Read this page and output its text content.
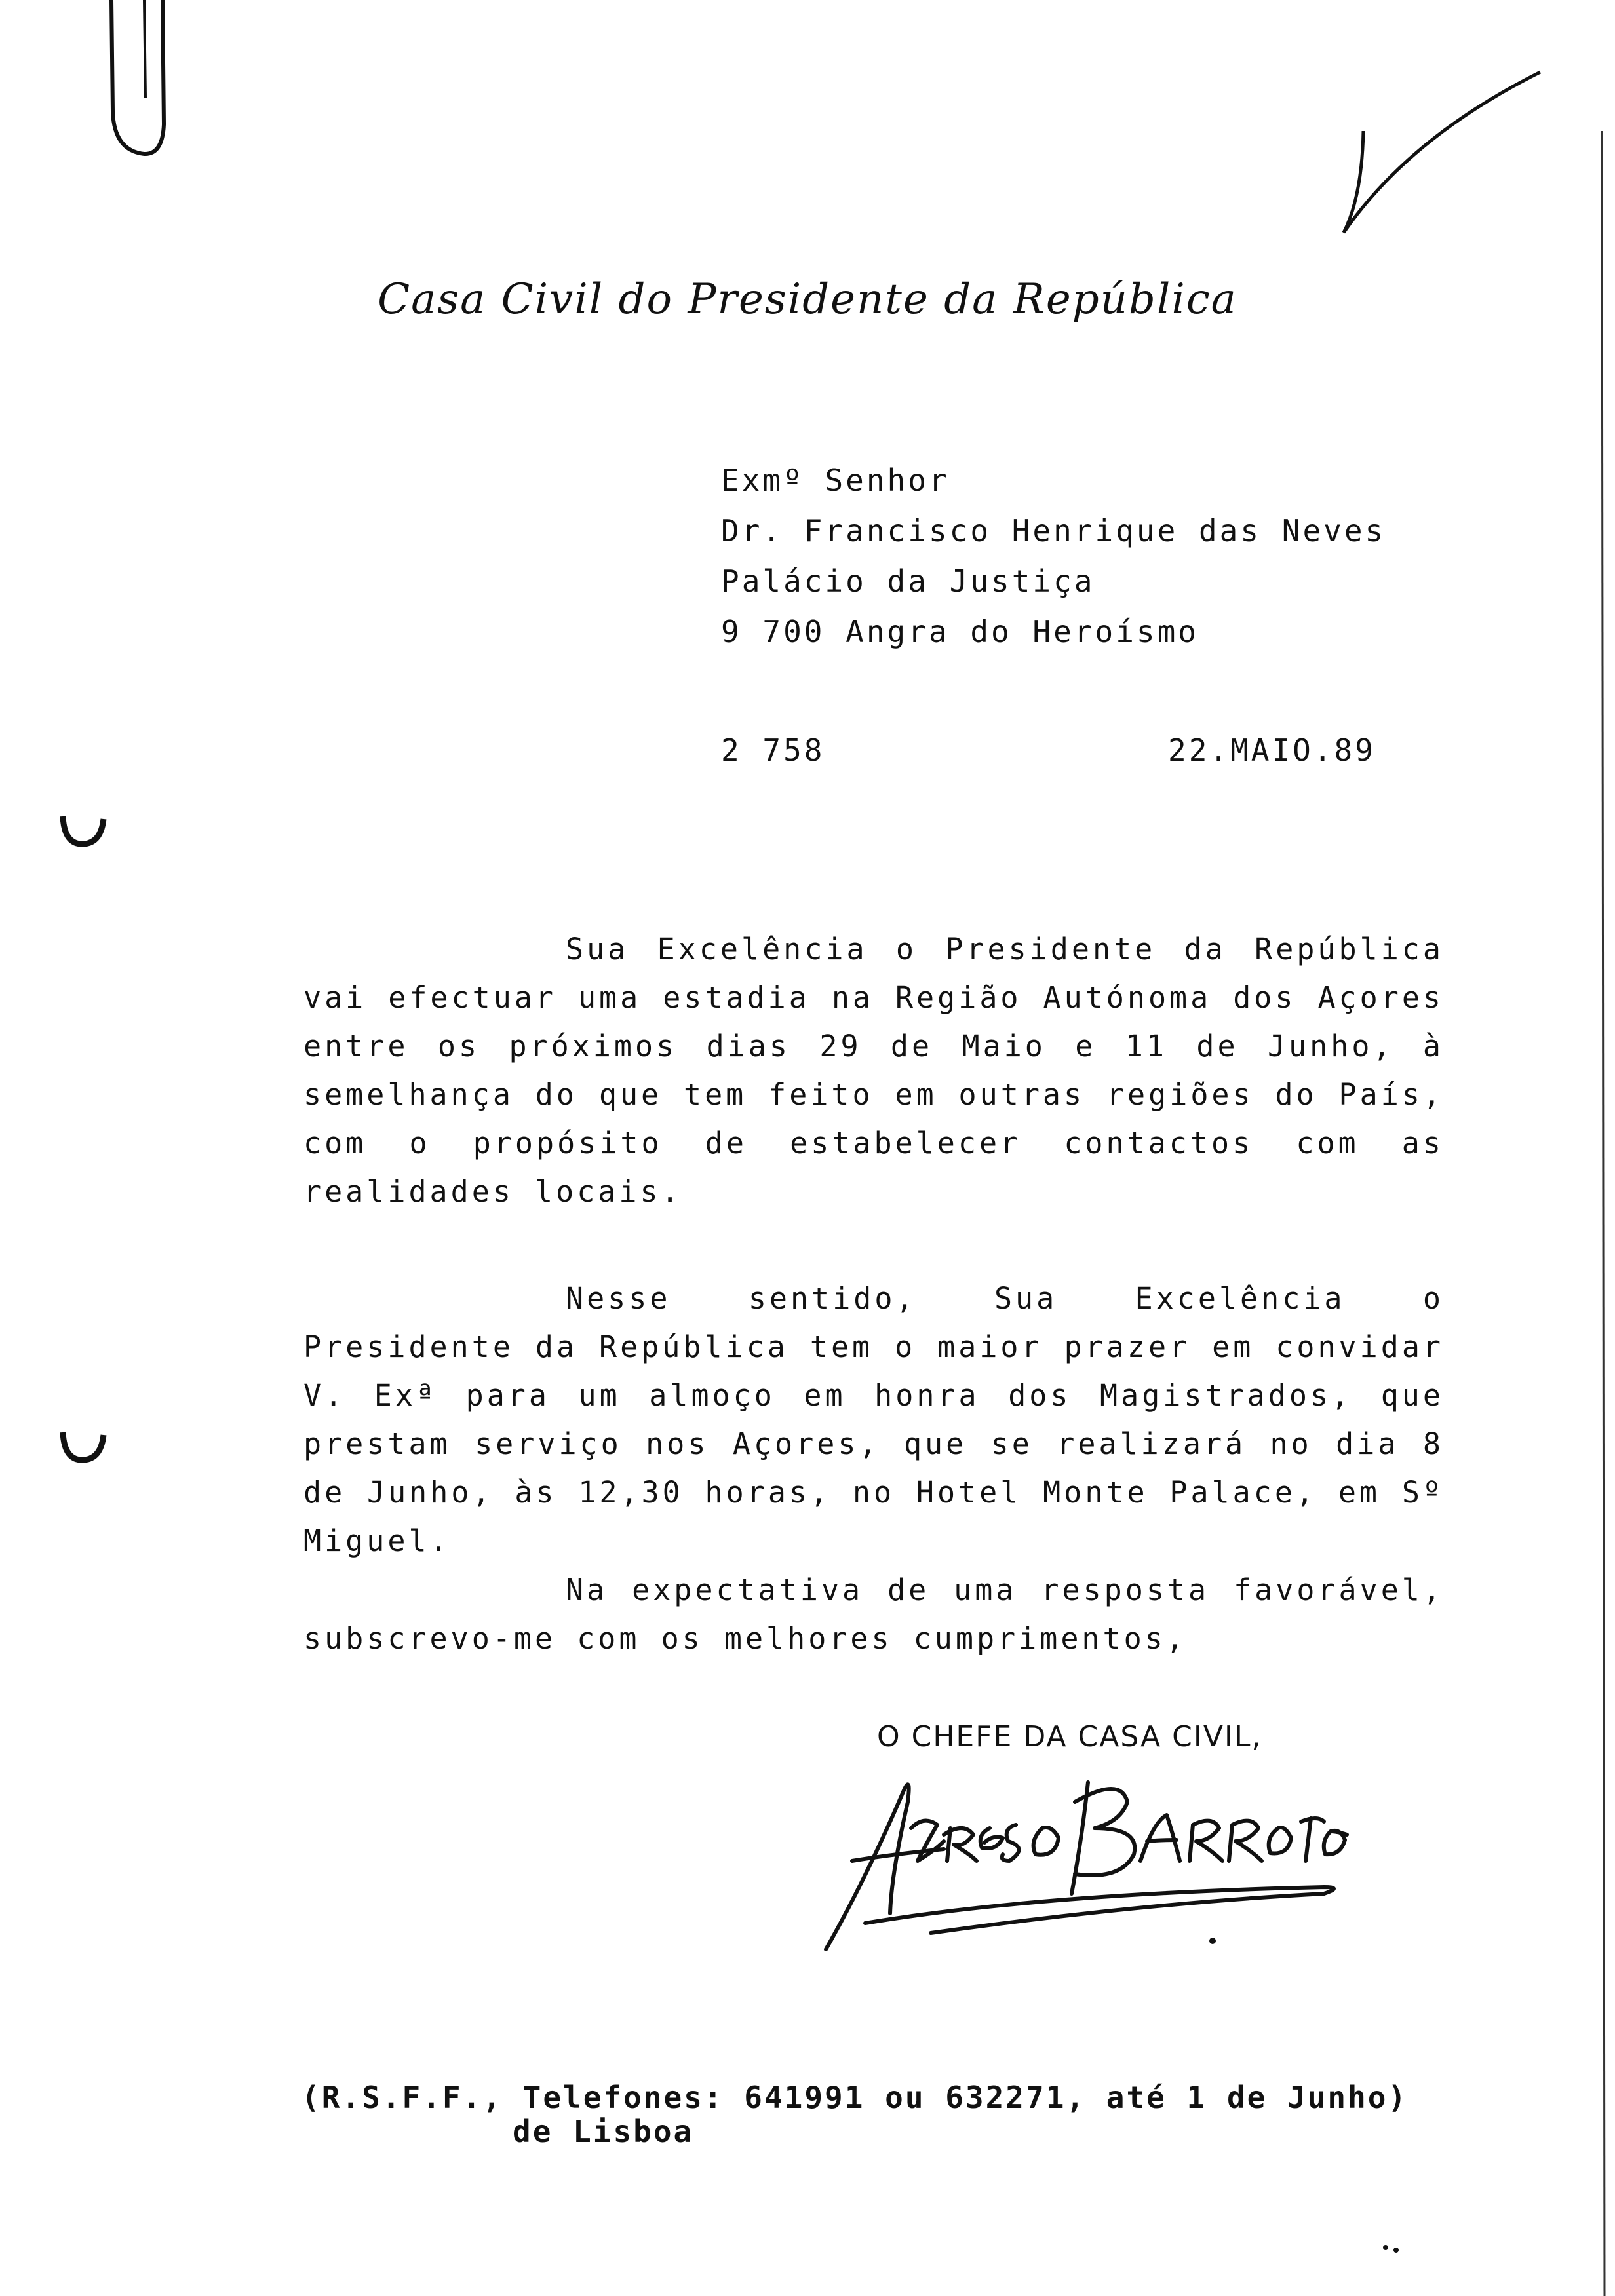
Casa Civil do Presidente da República
Exmº Senhor
Dr. Francisco Henrique das Neves
Palácio da Justiça
9 700 Angra do Heroísmo
2 758	22.MAIO.89
Sua Excelência o Presidente da República vai efectuar uma estadia na Região Autónoma dos Açores entre os próximos dias 29 de Maio e 11 de Junho, à semelhança do que tem feito em outras regiões do País, com o propósito de estabelecer contactos com as realidades locais.
Nesse sentido, Sua Excelência o Presidente da República tem o maior prazer em convidar V. Exª para um almoço em honra dos Magistrados, que prestam serviço nos Açores, que se realizará no dia 8 de Junho, às 12,30 horas, no Hotel Monte Palace, em Sº Miguel.
Na expectativa de uma resposta favorável, subscrevo-me com os melhores cumprimentos,
O CHEFE DA CASA CIVIL,
(R.S.F.F., Telefones: 641991 ou 632271, até 1 de Junho)
de Lisboa
